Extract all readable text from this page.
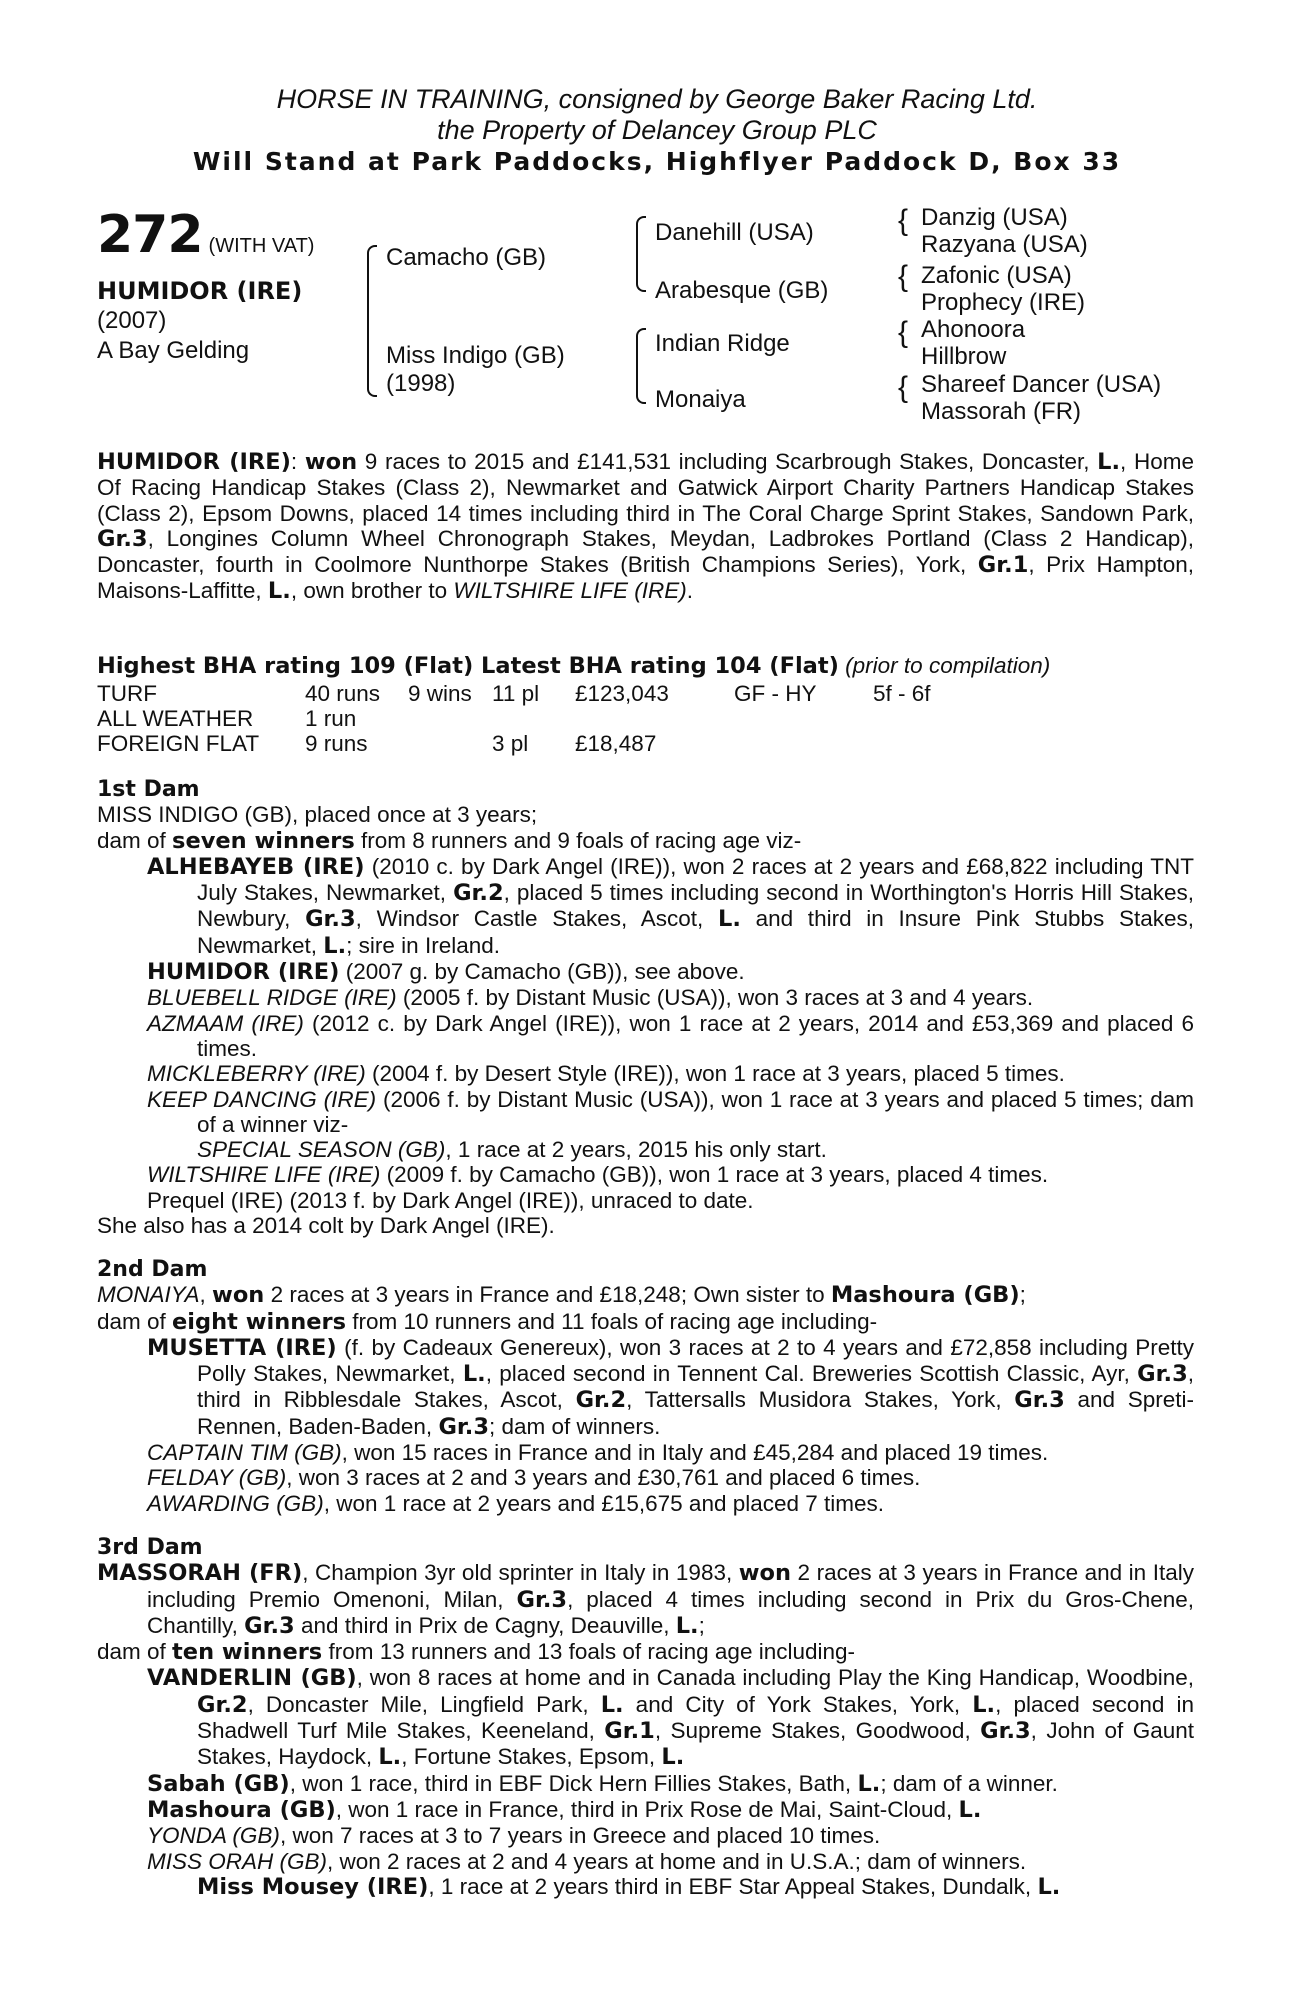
HORSE IN TRAINING, consigned by George Baker Racing Ltd.
the Property of Delancey Group PLC
Will Stand at Park Paddocks, Highflyer Paddock D, Box 33
272 (WITH VAT)
HUMIDOR (IRE)
(2007)
A Bay Gelding
Camacho (GB)
Miss Indigo (GB)
(1998)
Danehill (USA)
Arabesque (GB)
Indian Ridge
Monaiya
{ Danzig (USA)
Razyana (USA)
{ Zafonic (USA)
Prophecy (IRE)
{ Ahonoora
Hillbrow
{ Shareef Dancer (USA)
Massorah (FR)

HUMIDOR (IRE): won 9 races to 2015 and £141,531 including Scarbrough Stakes, Doncaster, L., Home Of Racing Handicap Stakes (Class 2), Newmarket and Gatwick Airport Charity Partners Handicap Stakes (Class 2), Epsom Downs, placed 14 times including third in The Coral Charge Sprint Stakes, Sandown Park, Gr.3, Longines Column Wheel Chronograph Stakes, Meydan, Ladbrokes Portland (Class 2 Handicap), Doncaster, fourth in Coolmore Nunthorpe Stakes (British Champions Series), York, Gr.1, Prix Hampton, Maisons-Laffitte, L., own brother to WILTSHIRE LIFE (IRE).

Highest BHA rating 109 (Flat) Latest BHA rating 104 (Flat) (prior to compilation)

TURF	40 runs 9 wins 11 pl £123,043	GF - HY	5f - 6f
ALL WEATHER 1 run
FOREIGN FLAT 9 runs	3 pl £18,487

1st Dam

MISS INDIGO (GB), placed once at 3 years;

dam of seven winners from 8 runners and 9 foals of racing age viz-

ALHEBAYEB (IRE) (2010 c. by Dark Angel (IRE)), won 2 races at 2 years and £68,822 including TNT July Stakes, Newmarket, Gr.2, placed 5 times including second in Worthington's Horris Hill Stakes, Newbury, Gr.3, Windsor Castle Stakes, Ascot, L. and third in Insure Pink Stubbs Stakes, Newmarket, L.; sire in Ireland.

HUMIDOR (IRE) (2007 g. by Camacho (GB)), see above.

BLUEBELL RIDGE (IRE) (2005 f. by Distant Music (USA)), won 3 races at 3 and 4 years.

AZMAAM (IRE) (2012 c. by Dark Angel (IRE)), won 1 race at 2 years, 2014 and £53,369 and placed 6 times.

MICKLEBERRY (IRE) (2004 f. by Desert Style (IRE)), won 1 race at 3 years, placed 5 times.

KEEP DANCING (IRE) (2006 f. by Distant Music (USA)), won 1 race at 3 years and placed 5 times; dam of a winner viz-

SPECIAL SEASON (GB), 1 race at 2 years, 2015 his only start.

WILTSHIRE LIFE (IRE) (2009 f. by Camacho (GB)), won 1 race at 3 years, placed 4 times.

Prequel (IRE) (2013 f. by Dark Angel (IRE)), unraced to date.

She also has a 2014 colt by Dark Angel (IRE).

2nd Dam

MONAIYA, won 2 races at 3 years in France and £18,248; Own sister to Mashoura (GB);

dam of eight winners from 10 runners and 11 foals of racing age including-

MUSETTA (IRE) (f. by Cadeaux Genereux), won 3 races at 2 to 4 years and £72,858 including Pretty Polly Stakes, Newmarket, L., placed second in Tennent Cal. Breweries Scottish Classic, Ayr, Gr.3, third in Ribblesdale Stakes, Ascot, Gr.2, Tattersalls Musidora Stakes, York, Gr.3 and Spreti-Rennen, Baden-Baden, Gr.3; dam of winners.

CAPTAIN TIM (GB), won 15 races in France and in Italy and £45,284 and placed 19 times.

FELDAY (GB), won 3 races at 2 and 3 years and £30,761 and placed 6 times.

AWARDING (GB), won 1 race at 2 years and £15,675 and placed 7 times.

3rd Dam

MASSORAH (FR), Champion 3yr old sprinter in Italy in 1983, won 2 races at 3 years in France and in Italy including Premio Omenoni, Milan, Gr.3, placed 4 times including second in Prix du Gros-Chene, Chantilly, Gr.3 and third in Prix de Cagny, Deauville, L.;

dam of ten winners from 13 runners and 13 foals of racing age including-

VANDERLIN (GB), won 8 races at home and in Canada including Play the King Handicap, Woodbine, Gr.2, Doncaster Mile, Lingfield Park, L. and City of York Stakes, York, L., placed second in Shadwell Turf Mile Stakes, Keeneland, Gr.1, Supreme Stakes, Goodwood, Gr.3, John of Gaunt Stakes, Haydock, L., Fortune Stakes, Epsom, L.

Sabah (GB), won 1 race, third in EBF Dick Hern Fillies Stakes, Bath, L.; dam of a winner.

Mashoura (GB), won 1 race in France, third in Prix Rose de Mai, Saint-Cloud, L.

YONDA (GB), won 7 races at 3 to 7 years in Greece and placed 10 times.

MISS ORAH (GB), won 2 races at 2 and 4 years at home and in U.S.A.; dam of winners.

Miss Mousey (IRE), 1 race at 2 years third in EBF Star Appeal Stakes, Dundalk, L.
